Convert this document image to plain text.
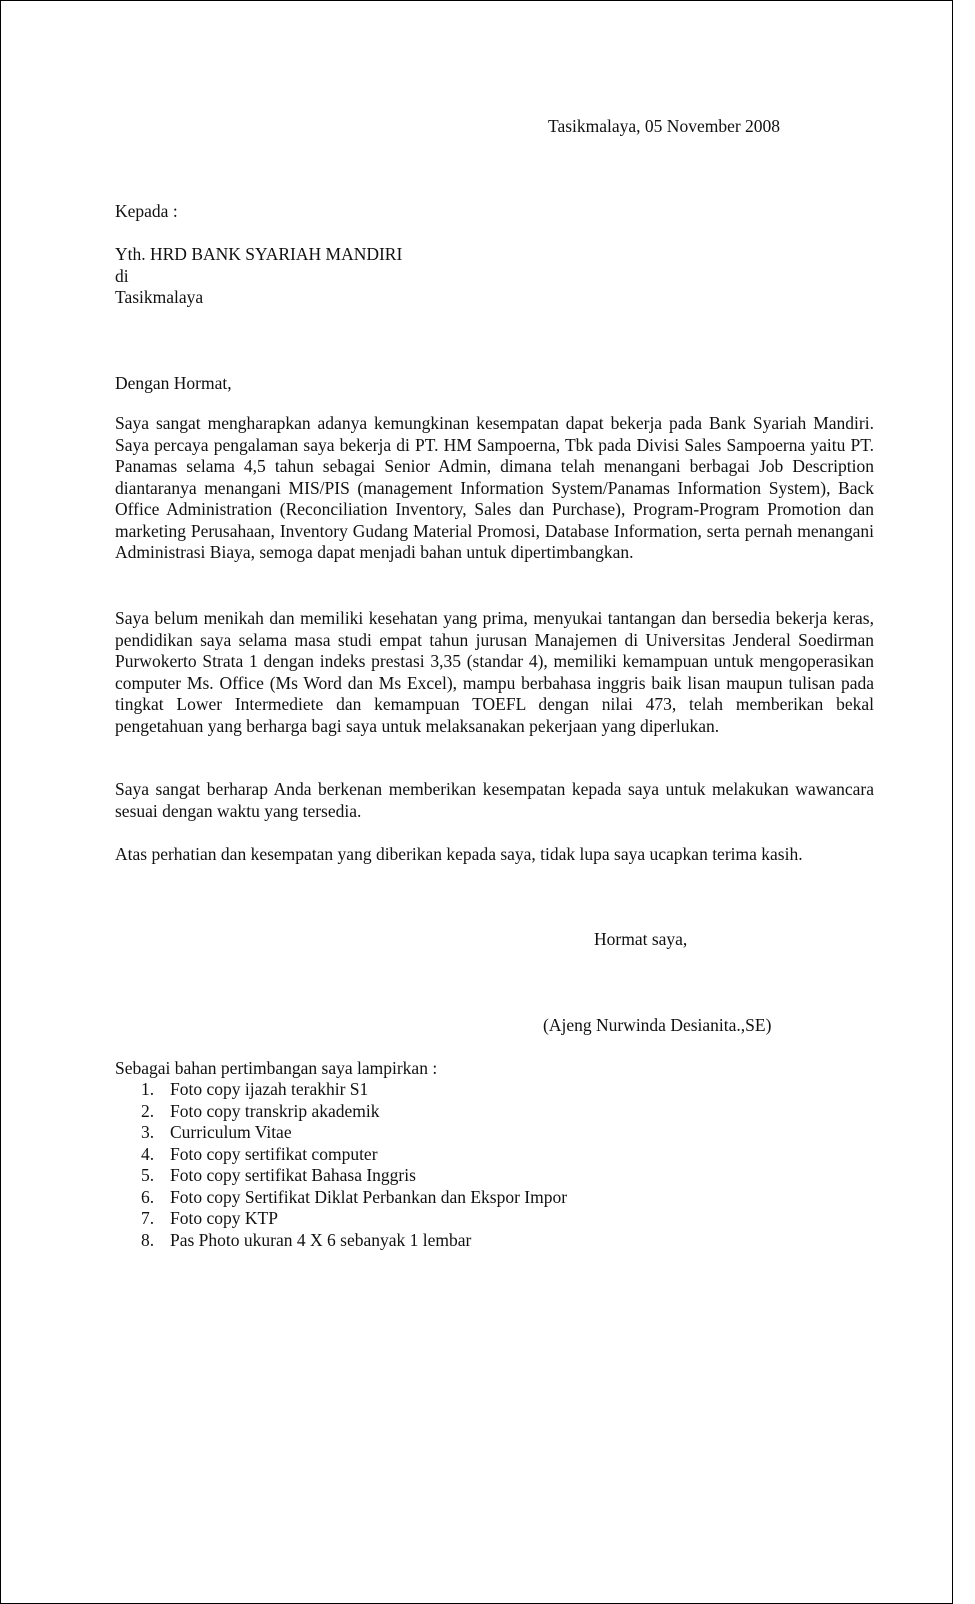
Tasikmalaya, 05 November 2008
Kepada :
Yth. HRD BANK SYARIAH MANDIRI
di
Tasikmalaya
Dengan Hormat,
Saya sangat mengharapkan adanya kemungkinan kesempatan dapat bekerja pada Bank Syariah Mandiri. Saya percaya pengalaman saya bekerja di PT. HM Sampoerna, Tbk pada Divisi Sales Sampoerna yaitu PT. Panamas selama 4,5 tahun sebagai Senior Admin, dimana telah menangani berbagai Job Description diantaranya menangani MIS/PIS (management Information System/Panamas Information System), Back Office Administration (Reconciliation Inventory, Sales dan Purchase), Program-Program Promotion dan marketing Perusahaan, Inventory Gudang Material Promosi, Database Information, serta pernah menangani Administrasi Biaya, semoga dapat menjadi bahan untuk dipertimbangkan.
Saya belum menikah dan memiliki kesehatan yang prima, menyukai tantangan dan bersedia bekerja keras, pendidikan saya selama masa studi empat tahun jurusan Manajemen di Universitas Jenderal Soedirman Purwokerto Strata 1 dengan indeks prestasi 3,35 (standar 4), memiliki kemampuan untuk mengoperasikan computer Ms. Office (Ms Word dan Ms Excel), mampu berbahasa inggris baik lisan maupun tulisan pada tingkat Lower Intermediete dan kemampuan TOEFL dengan nilai 473, telah memberikan bekal pengetahuan yang berharga bagi saya untuk melaksanakan pekerjaan yang diperlukan.
Saya sangat berharap Anda berkenan memberikan kesempatan kepada saya untuk melakukan wawancara sesuai dengan waktu yang tersedia.
Atas perhatian dan kesempatan yang diberikan kepada saya, tidak lupa saya ucapkan terima kasih.
Hormat saya,
(Ajeng Nurwinda Desianita.,SE)
Sebagai bahan pertimbangan saya lampirkan :
1. Foto copy ijazah terakhir S1
2. Foto copy transkrip akademik
3. Curriculum Vitae
4. Foto copy sertifikat computer
5. Foto copy sertifikat Bahasa Inggris
6. Foto copy Sertifikat Diklat Perbankan dan Ekspor Impor
7. Foto copy KTP
8. Pas Photo ukuran 4 X 6 sebanyak 1 lembar
